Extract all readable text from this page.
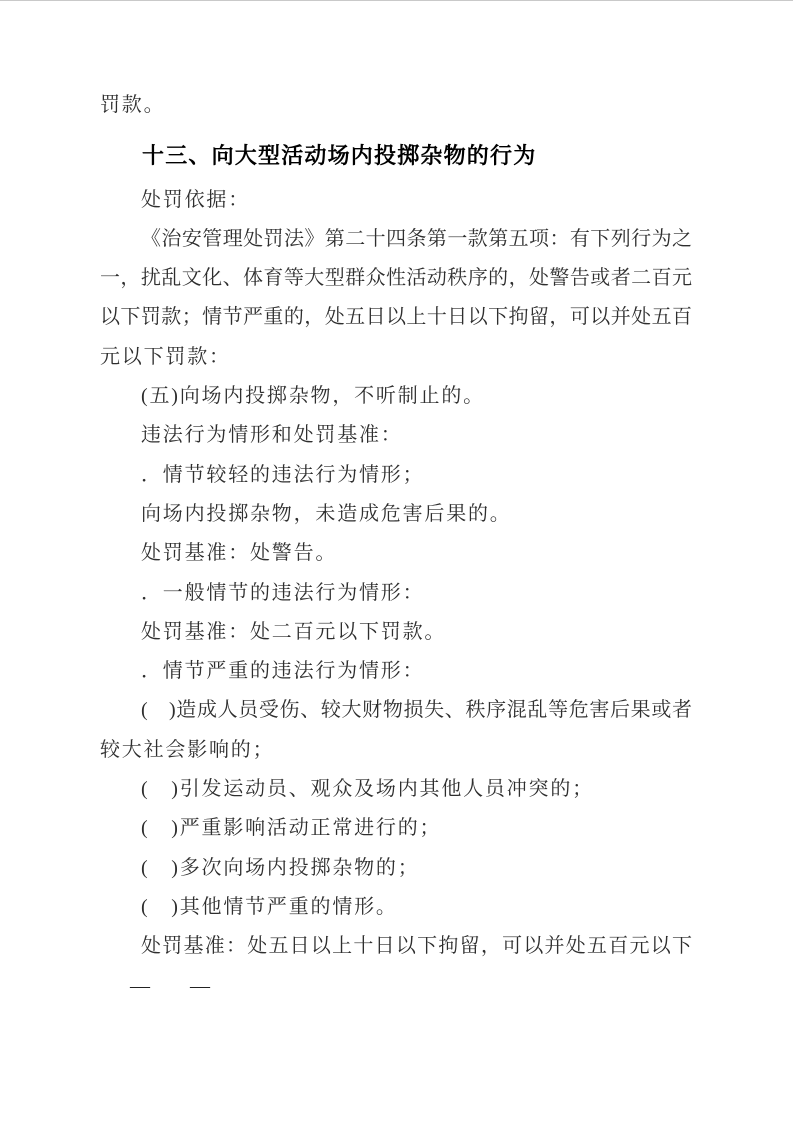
罚款。
十三、向大型活动场内投掷杂物的行为
处罚依据：
《治安管理处罚法》第二十四条第一款第五项：有下列行为之
一，扰乱文化、体育等大型群众性活动秩序的，处警告或者二百元
以下罚款；情节严重的，处五日以上十日以下拘留，可以并处五百
元以下罚款：
(五)向场内投掷杂物，不听制止的。
违法行为情形和处罚基准：
．情节较轻的违法行为情形；
向场内投掷杂物，未造成危害后果的。
处罚基准：处警告。
．一般情节的违法行为情形：
处罚基准：处二百元以下罚款。
．情节严重的违法行为情形：
(　)造成人员受伤、较大财物损失、秩序混乱等危害后果或者
较大社会影响的；
(　)引发运动员、观众及场内其他人员冲突的；
(　)严重影响活动正常进行的；
(　)多次向场内投掷杂物的；
(　)其他情节严重的情形。
处罚基准：处五日以上十日以下拘留，可以并处五百元以下
—　　—
